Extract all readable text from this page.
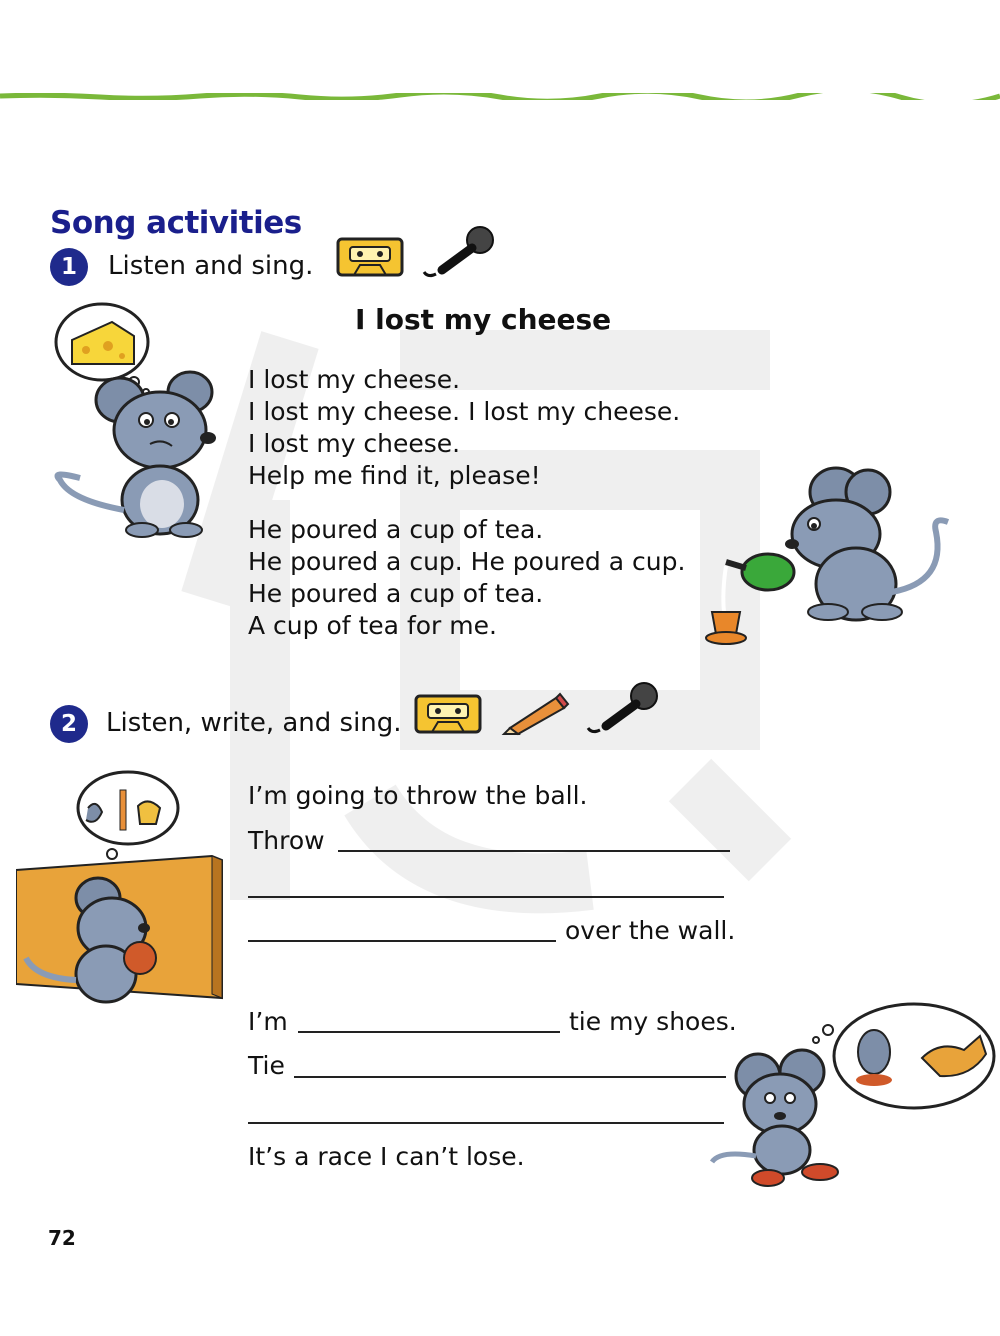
Song activities
1	Listen and sing.
I lost my cheese
I lost my cheese.
I lost my cheese. I lost my cheese.
I lost my cheese.
Help me find it, please!
He poured a cup of tea.
He poured a cup. He poured a cup.
He poured a cup of tea.
A cup of tea for me.
2	Listen, write, and sing.
I’m going to throw the ball.
Throw
over the wall.
I’m	tie my shoes.
Tie
It’s a race I can’t lose.
72
